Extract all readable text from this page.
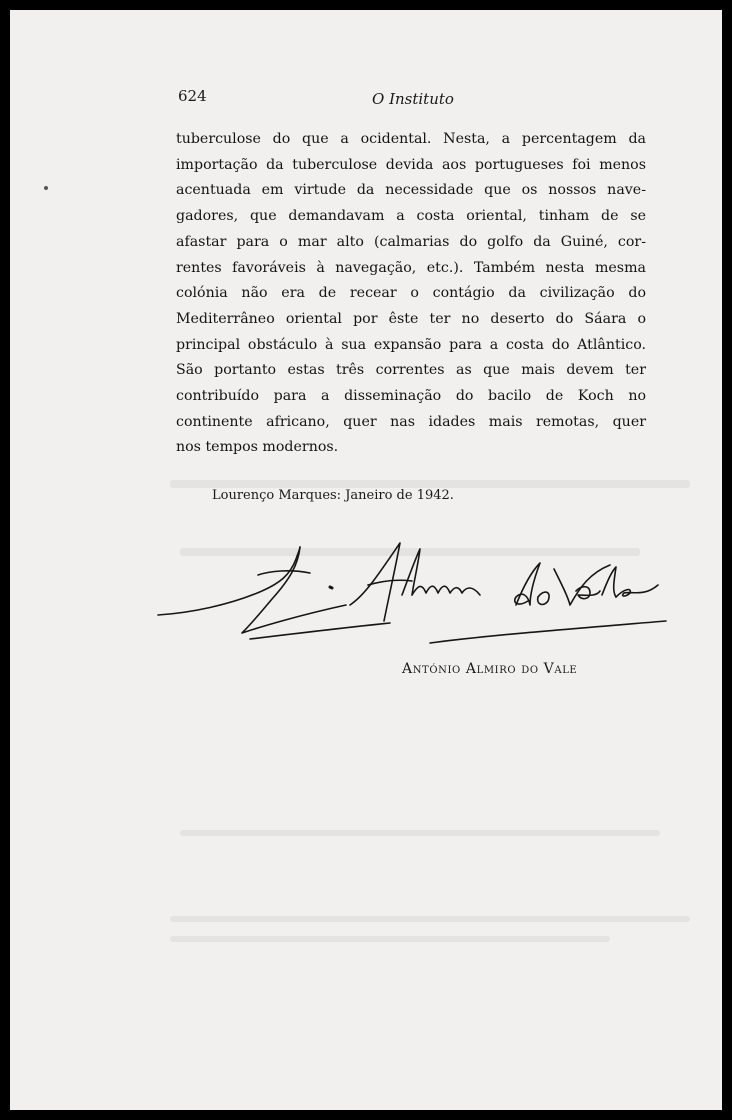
624	O Instituto
tuberculose do que a ocidental. Nesta, a percentagem da
importação da tuberculose devida aos portugueses foi menos
acentuada em virtude da necessidade que os nossos nave-
gadores, que demandavam a costa oriental, tinham de se
afastar para o mar alto (calmarias do golfo da Guiné, cor-
rentes favoráveis à navegação, etc.). Também nesta mesma
colónia não era de recear o contágio da civilização do
Mediterrâneo oriental por êste ter no deserto do Sáara o
principal obstáculo à sua expansão para a costa do Atlântico.
São portanto estas três correntes as que mais devem ter
contribuído para a disseminação do bacilo de Koch no
continente africano, quer nas idades mais remotas, quer
nos tempos modernos.
Lourenço Marques: Janeiro de 1942.
António Almiro do Vale
